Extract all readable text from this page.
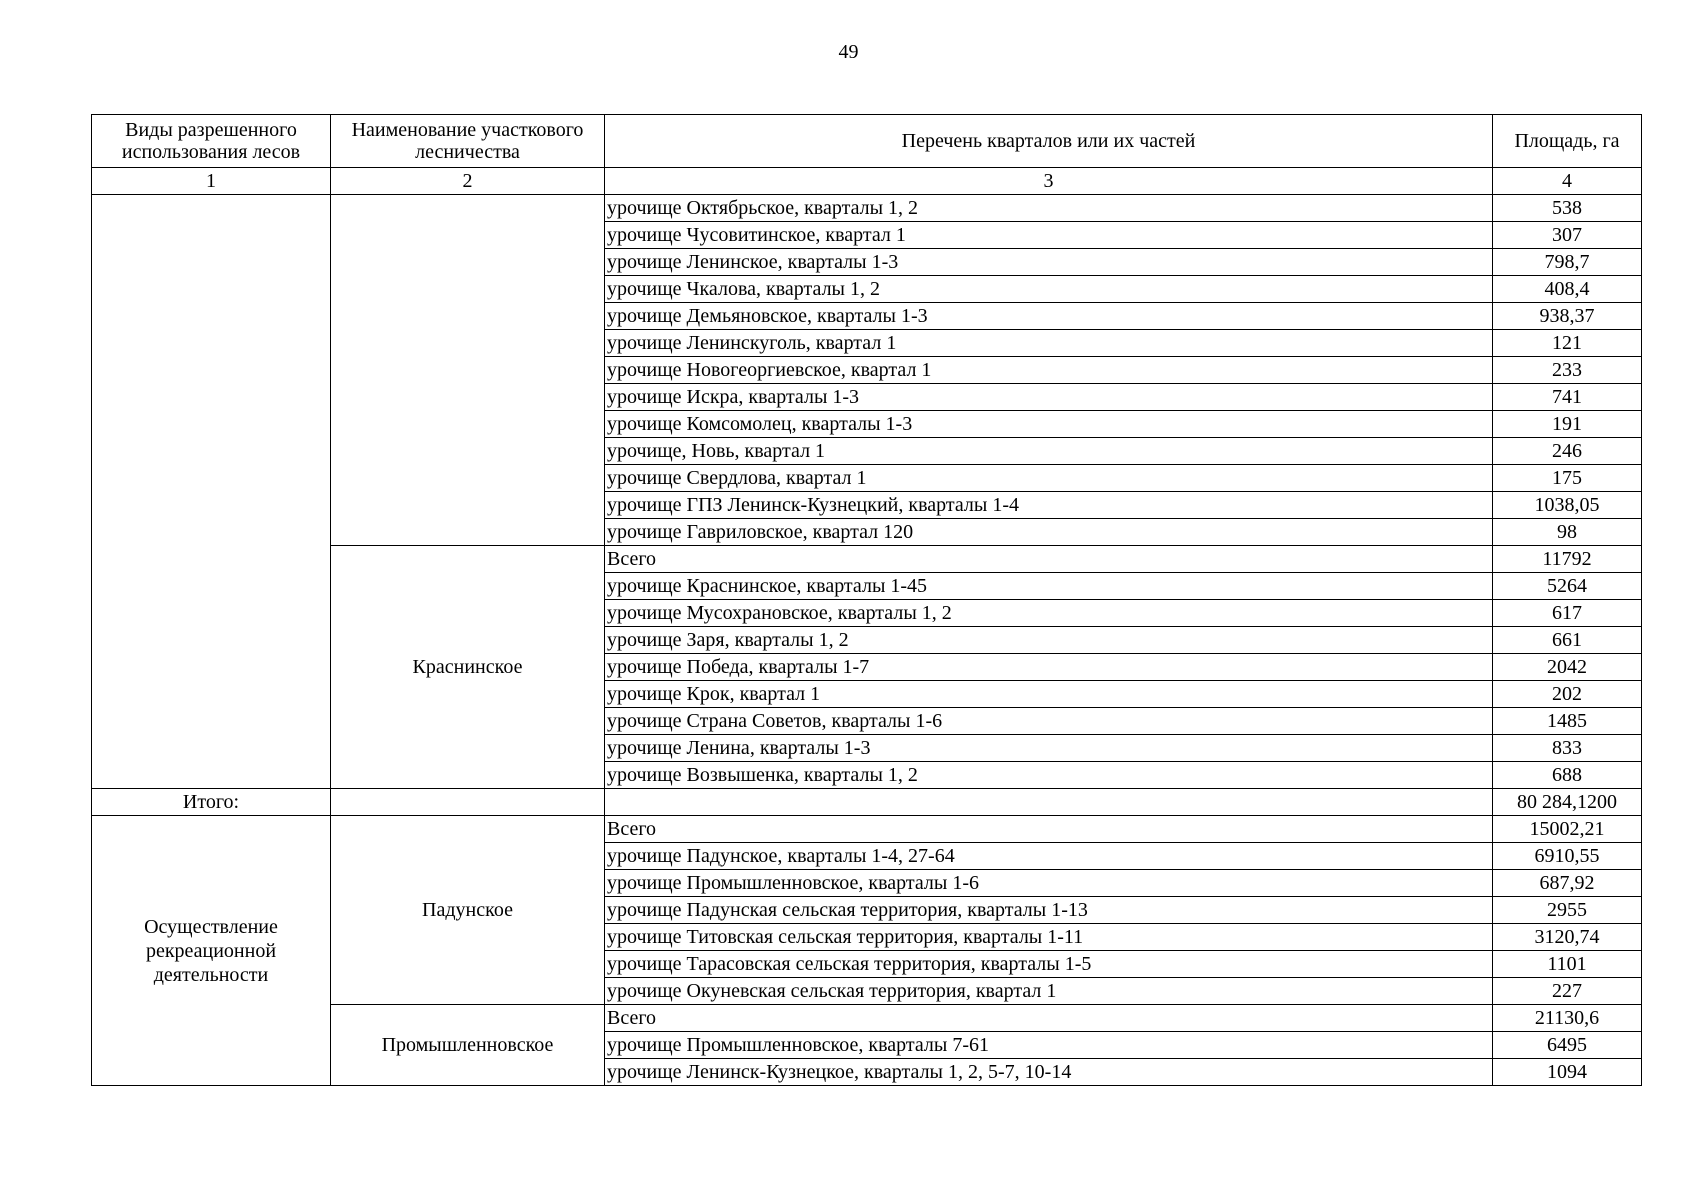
49
Виды разрешенного использования лесов	Наименование участкового лесничества	Перечень кварталов или их частей	Площадь, га
1	2	3	4
		урочище Октябрьское, кварталы 1, 2	538
		урочище Чусовитинское, квартал 1	307
		урочище Ленинское, кварталы 1-3	798,7
		урочище Чкалова, кварталы 1, 2	408,4
		урочище Демьяновское, кварталы 1-3	938,37
		урочище Ленинскуголь, квартал 1	121
		урочище Новогеоргиевское, квартал 1	233
		урочище Искра, кварталы 1-3	741
		урочище Комсомолец, кварталы 1-3	191
		урочище, Новь, квартал 1	246
		урочище Свердлова, квартал 1	175
		урочище ГПЗ Ленинск-Кузнецкий, кварталы 1-4	1038,05
		урочище Гавриловское, квартал 120	98
	Краснинское	Всего	11792
		урочище Краснинское, кварталы 1-45	5264
		урочище Мусохрановское, кварталы 1, 2	617
		урочище Заря, кварталы 1, 2	661
		урочище Победа, кварталы 1-7	2042
		урочище Крок, квартал 1	202
		урочище Страна Советов, кварталы 1-6	1485
		урочище Ленина, кварталы 1-3	833
		урочище Возвышенка, кварталы 1, 2	688
Итого:			80 284,1200
Осуществление рекреационной деятельности	Падунское	Всего	15002,21
		урочище Падунское, кварталы 1-4, 27-64	6910,55
		урочище Промышленновское, кварталы 1-6	687,92
		урочище Падунская сельская территория, кварталы 1-13	2955
		урочище Титовская сельская территория, кварталы 1-11	3120,74
		урочище Тарасовская сельская территория, кварталы 1-5	1101
		урочище Окуневская сельская территория, квартал 1	227
	Промышленновское	Всего	21130,6
		урочище Промышленновское, кварталы 7-61	6495
		урочище Ленинск-Кузнецкое, кварталы 1, 2, 5-7, 10-14	1094
